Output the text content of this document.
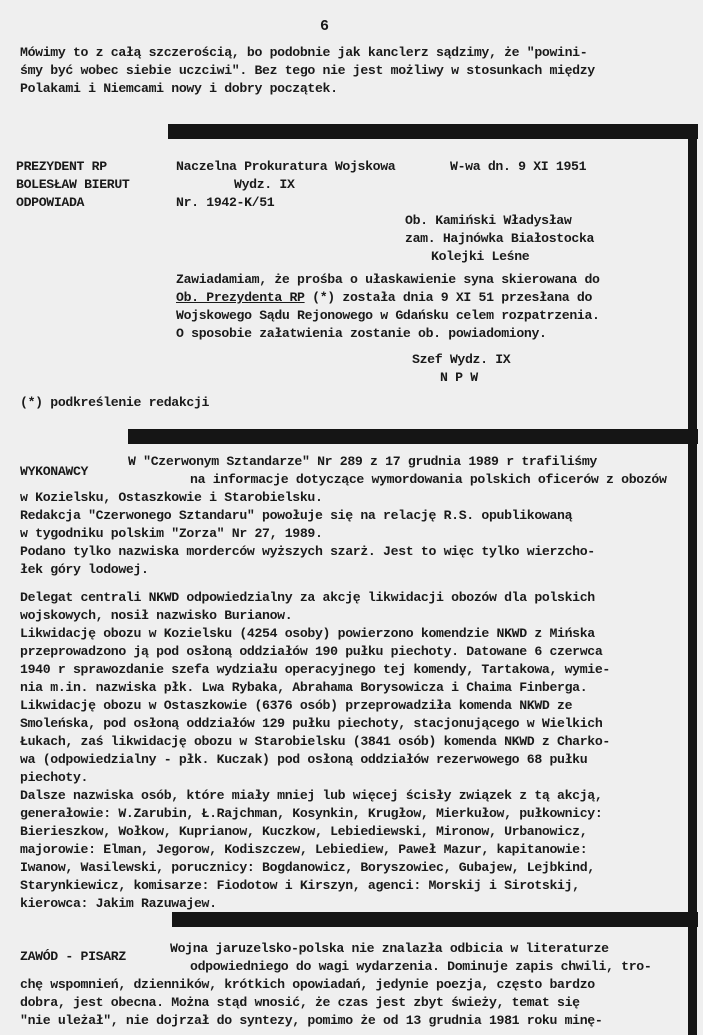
6
Mówimy to z całą szczerością, bo podobnie jak kanclerz sądzimy, że "powini-
śmy być wobec siebie uczciwi". Bez tego nie jest możliwy w stosunkach między
Polakami i Niemcami nowy i dobry początek.
PREZYDENT RP
BOLESŁAW BIERUT
ODPOWIADA
Naczelna Prokuratura Wojskowa
Wydz. IX
Nr. 1942-K/51
W-wa dn. 9 XI 1951
Ob. Kamiński Władysław
zam. Hajnówka Białostocka
Kolejki Leśne
Zawiadamiam, że prośba o ułaskawienie syna skierowana do
Ob. Prezydenta RP (*) została dnia 9 XI 51 przesłana do
Wojskowego Sądu Rejonowego w Gdańsku celem rozpatrzenia.
O sposobie załatwienia zostanie ob. powiadomiony.
Szef Wydz. IX
N P W
(*) podkreślenie redakcji
WYKONAWCY
W "Czerwonym Sztandarze" Nr 289 z 17 grudnia 1989 r trafiliśmy
na informacje dotyczące wymordowania polskich oficerów z obozów
w Kozielsku, Ostaszkowie i Starobielsku.
Redakcja "Czerwonego Sztandaru" powołuje się na relację R.S. opublikowaną
w tygodniku polskim "Zorza" Nr 27, 1989.
Podano tylko nazwiska morderców wyższych szarż. Jest to więc tylko wierzcho-
łek góry lodowej.
Delegat centrali NKWD odpowiedzialny za akcję likwidacji obozów dla polskich
wojskowych, nosił nazwisko Burianow.
Likwidację obozu w Kozielsku (4254 osoby) powierzono komendzie NKWD z Mińska
przeprowadzono ją pod osłoną oddziałów 190 pułku piechoty. Datowane 6 czerwca
1940 r sprawozdanie szefa wydziału operacyjnego tej komendy, Tartakowa, wymie-
nia m.in. nazwiska płk. Lwa Rybaka, Abrahama Borysowicza i Chaima Finberga.
Likwidację obozu w Ostaszkowie (6376 osób) przeprowadziła komenda NKWD ze
Smoleńska, pod osłoną oddziałów 129 pułku piechoty, stacjonującego w Wielkich
Łukach, zaś likwidację obozu w Starobielsku (3841 osób) komenda NKWD z Charko-
wa (odpowiedzialny - płk. Kuczak) pod osłoną oddziałów rezerwowego 68 pułku
piechoty.
Dalsze nazwiska osób, które miały mniej lub więcej ścisły związek z tą akcją,
generałowie: W.Zarubin, Ł.Rajchman, Kosynkin, Krugłow, Mierkułow, pułkownicy:
Bierieszkow, Wołkow, Kuprianow, Kuczkow, Lebiediewski, Mironow, Urbanowicz,
majorowie: Elman, Jegorow, Kodiszczew, Lebiediew, Paweł Mazur, kapitanowie:
Iwanow, Wasilewski, porucznicy: Bogdanowicz, Boryszowiec, Gubajew, Lejbkind,
Starynkiewicz, komisarze: Fiodotow i Kirszyn, agenci: Morskij i Sirotskij,
kierowca: Jakim Razuwajew.
ZAWÓD - PISARZ
Wojna jaruzelsko-polska nie znalazła odbicia w literaturze
odpowiedniego do wagi wydarzenia. Dominuje zapis chwili, tro-
chę wspomnień, dzienników, krótkich opowiadań, jedynie poezja, często bardzo
dobra, jest obecna. Można stąd wnosić, że czas jest zbyt świeży, temat się
"nie uleżał", nie dojrzał do syntezy, pomimo że od 13 grudnia 1981 roku minę-
